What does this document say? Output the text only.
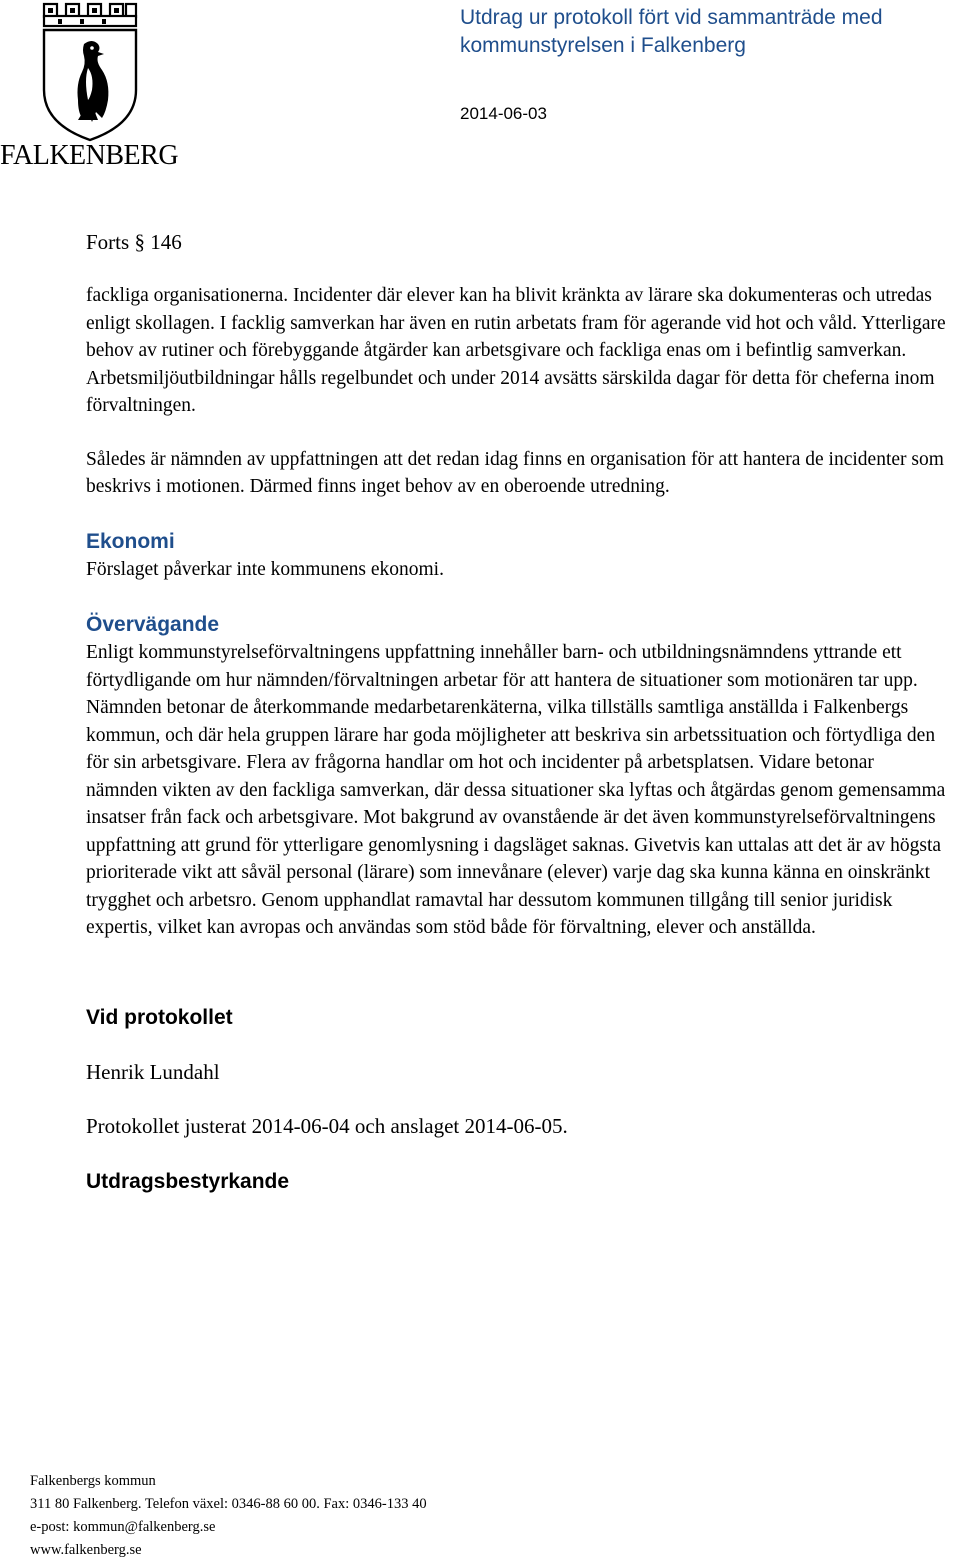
FALKENBERG
Utdrag ur protokoll fört vid sammanträde med kommunstyrelsen i Falkenberg
2014-06-03

Forts § 146

fackliga organisationerna. Incidenter där elever kan ha blivit kränkta av lärare ska dokumenteras och utredas enligt skollagen. I facklig samverkan har även en rutin arbetats fram för agerande vid hot och våld. Ytterligare behov av rutiner och förebyggande åtgärder kan arbetsgivare och fackliga enas om i befintlig samverkan. Arbetsmiljöutbildningar hålls regelbundet och under 2014 avsätts särskilda dagar för detta för cheferna inom förvaltningen.

Således är nämnden av uppfattningen att det redan idag finns en organisation för att hantera de incidenter som beskrivs i motionen. Därmed finns inget behov av en oberoende utredning.

Ekonomi

Förslaget påverkar inte kommunens ekonomi.

Övervägande

Enligt kommunstyrelseförvaltningens uppfattning innehåller barn- och utbildningsnämndens yttrande ett förtydligande om hur nämnden/förvaltningen arbetar för att hantera de situationer som motionären tar upp. Nämnden betonar de återkommande medarbetarenkäterna, vilka tillställs samtliga anställda i Falkenbergs kommun, och där hela gruppen lärare har goda möjligheter att beskriva sin arbetssituation och förtydliga den för sin arbetsgivare. Flera av frågorna handlar om hot och incidenter på arbetsplatsen. Vidare betonar nämnden vikten av den fackliga samverkan, där dessa situationer ska lyftas och åtgärdas genom gemensamma insatser från fack och arbetsgivare. Mot bakgrund av ovanstående är det även kommunstyrelseförvaltningens uppfattning att grund för ytterligare genomlysning i dagsläget saknas. Givetvis kan uttalas att det är av högsta prioriterade vikt att såväl personal (lärare) som innevånare (elever) varje dag ska kunna känna en oinskränkt trygghet och arbetsro. Genom upphandlat ramavtal har dessutom kommunen tillgång till senior juridisk expertis, vilket kan avropas och användas som stöd både för förvaltning, elever och anställda.

Vid protokollet

Henrik Lundahl

Protokollet justerat 2014-06-04 och anslaget 2014-06-05.

Utdragsbestyrkande
Falkenbergs kommun
311 80 Falkenberg. Telefon växel: 0346-88 60 00. Fax: 0346-133 40
e-post: kommun@falkenberg.se
www.falkenberg.se
